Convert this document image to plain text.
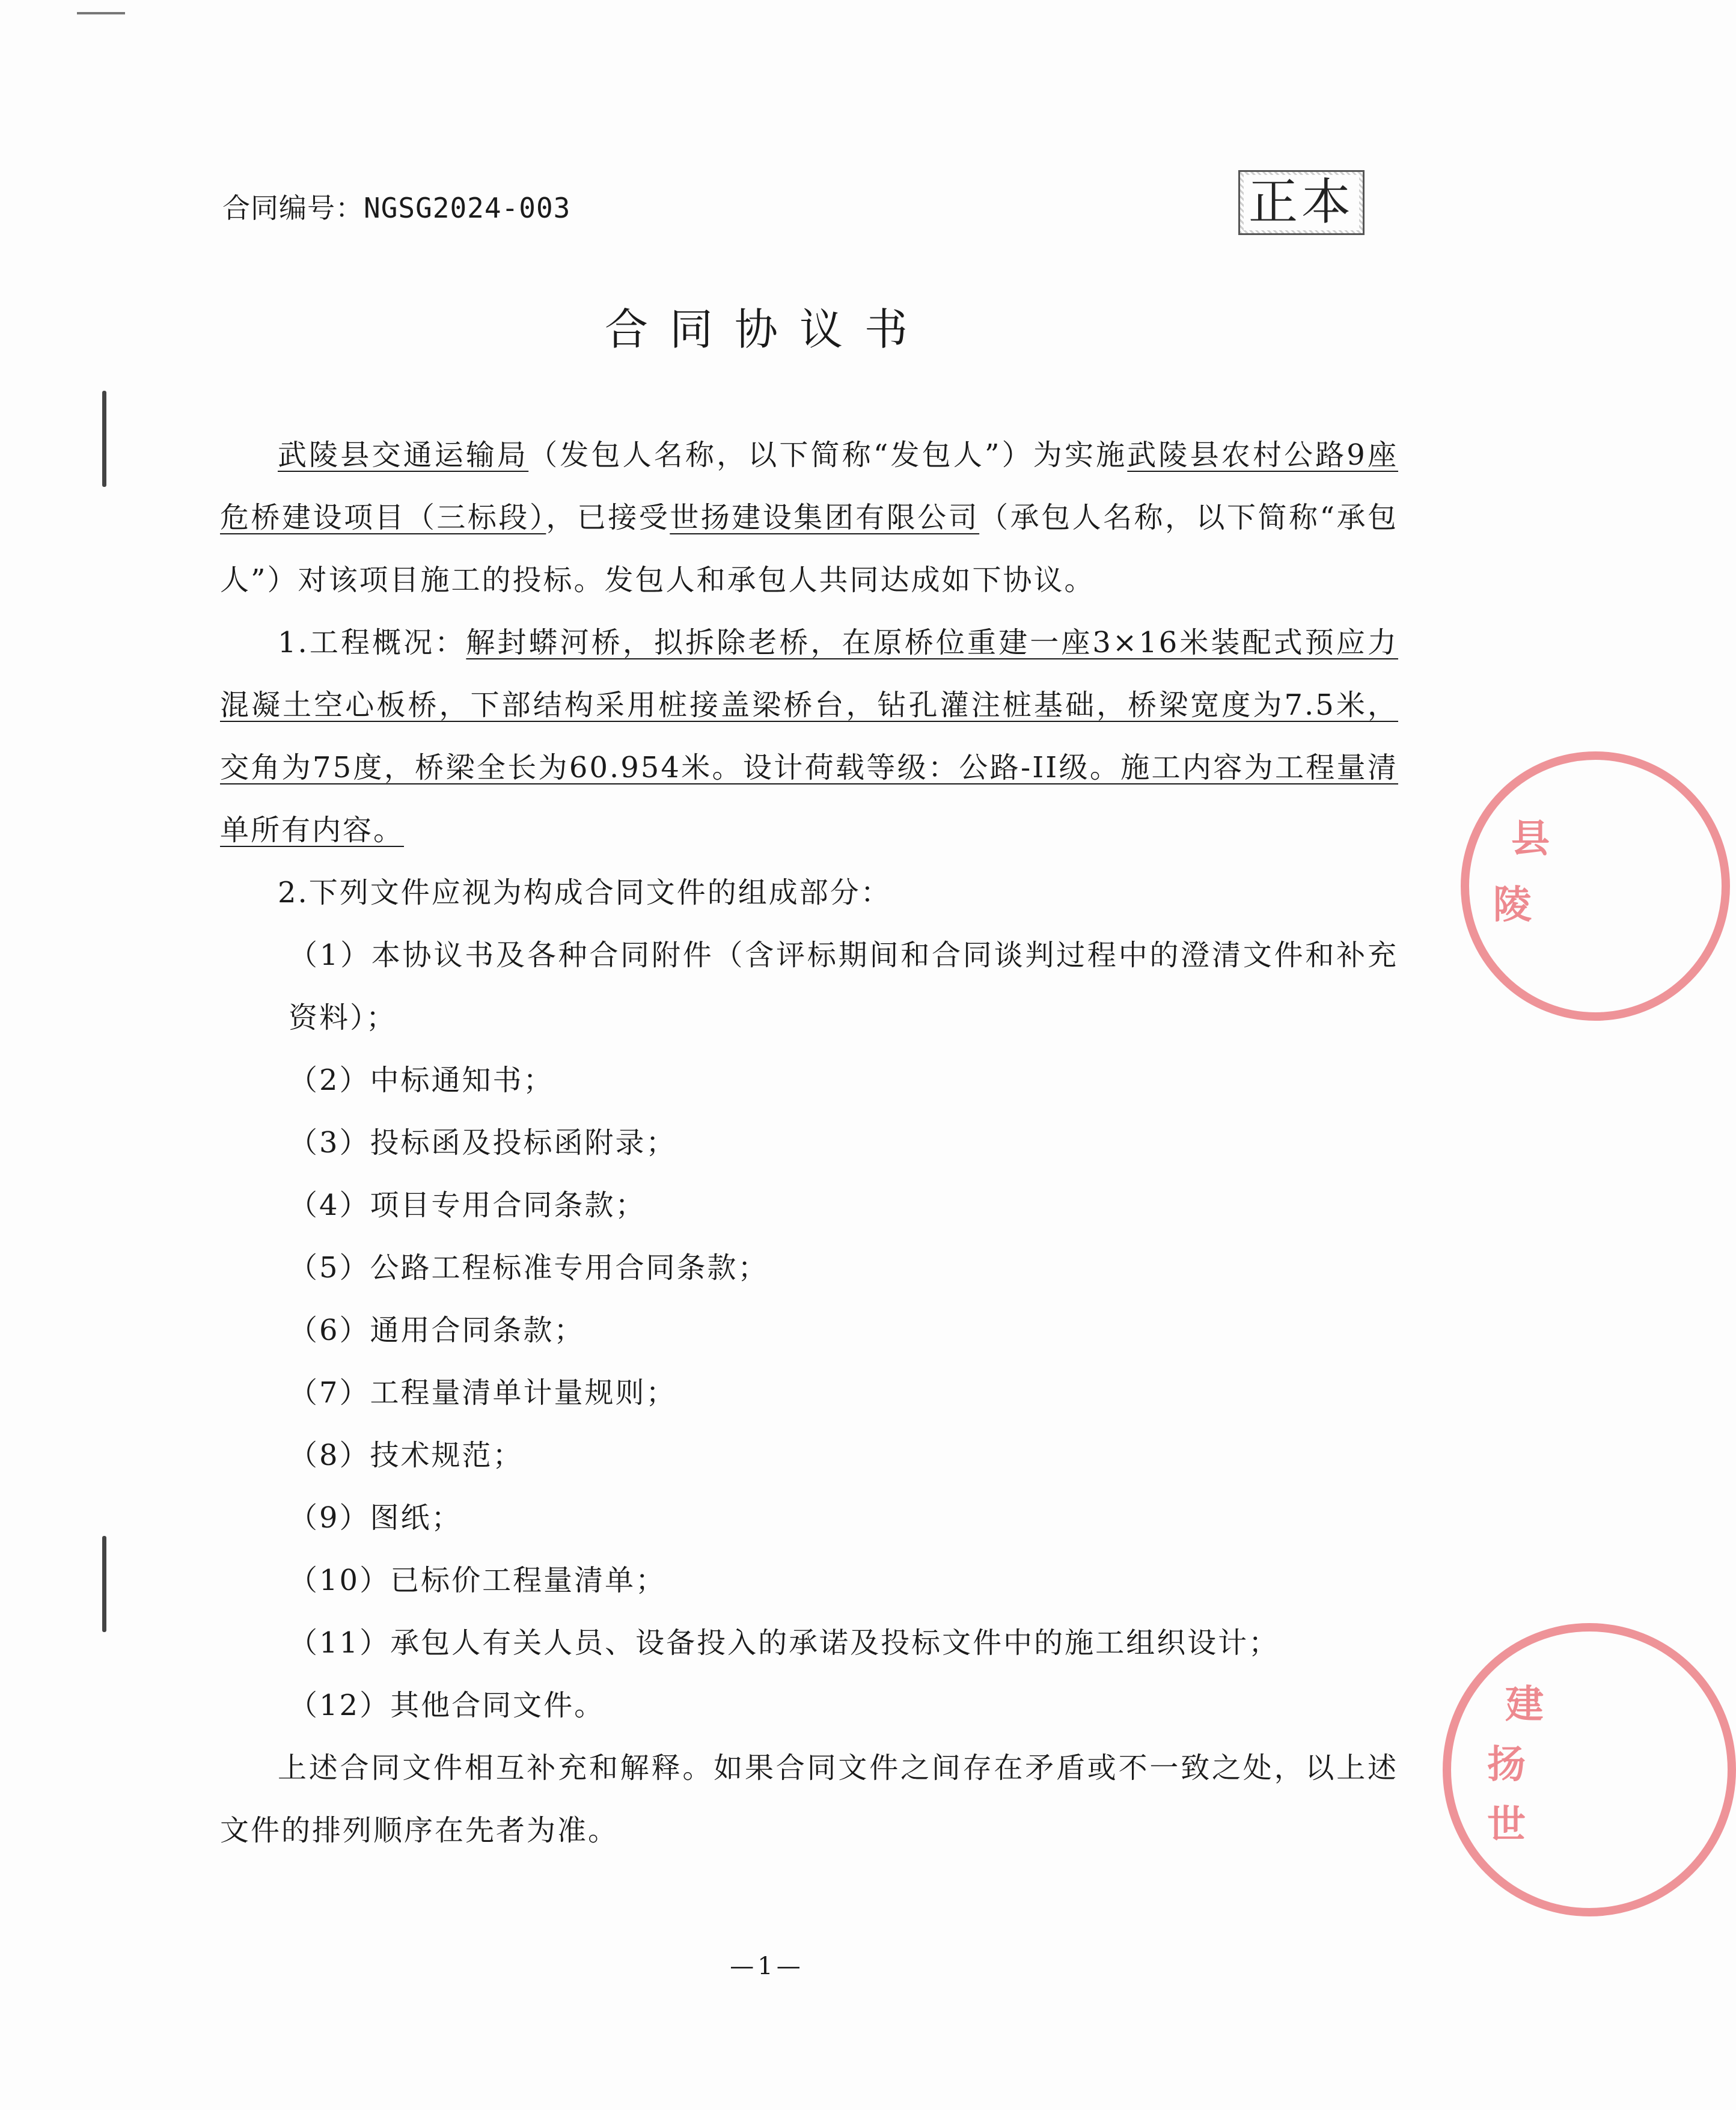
合同编号：NGSG2024-003	正本
合同协议书

武陵县交通运输局（发包人名称，以下简称“发包人”）为实施武陵县农村公路9座危桥建设项目（三标段），已接受世扬建设集团有限公司（承包人名称，以下简称“承包人”）对该项目施工的投标。发包人和承包人共同达成如下协议。

1.工程概况：解封蟒河桥，拟拆除老桥，在原桥位重建一座3×16米装配式预应力混凝土空心板桥，下部结构采用桩接盖梁桥台，钻孔灌注桩基础，桥梁宽度为7.5米，交角为75度，桥梁全长为60.954米。设计荷载等级：公路-II级。施工内容为工程量清单所有内容。

2.下列文件应视为构成合同文件的组成部分：

（1）本协议书及各种合同附件（含评标期间和合同谈判过程中的澄清文件和补充资料）；

（2）中标通知书；

（3）投标函及投标函附录；

（4）项目专用合同条款；

（5）公路工程标准专用合同条款；

（6）通用合同条款；

（7）工程量清单计量规则；

（8）技术规范；

（9）图纸；

（10）已标价工程量清单；

（11）承包人有关人员、设备投入的承诺及投标文件中的施工组织设计；

（12）其他合同文件。

上述合同文件相互补充和解释。如果合同文件之间存在矛盾或不一致之处，以上述文件的排列顺序在先者为准。

—1—
县
陵
建
扬
世
